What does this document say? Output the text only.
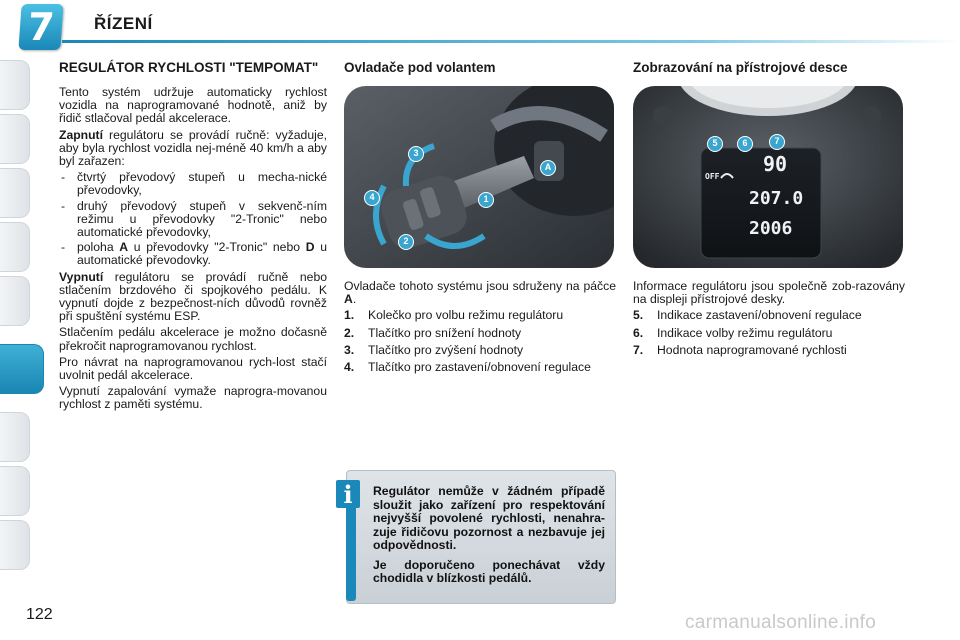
7	ŘÍZENÍ
REGULÁTOR RYCHLOSTI "TEMPOMAT"

Tento systém udržuje automaticky rychlost vozidla na naprogramované hodnotě, aniž by řidič stlačoval pedál akcelerace.

Zapnutí regulátoru se provádí ručně: vyžaduje, aby byla rychlost vozidla nej-méně 40 km/h a aby byl zařazen:

- čtvrtý převodový stupeň u mecha-nické převodovky,
- druhý převodový stupeň v sekvenč-ním režimu u převodovky "2-Tronic" nebo automatické převodovky,
- poloha A u převodovky "2-Tronic" nebo D u automatické převodovky.

Vypnutí regulátoru se provádí ručně nebo stlačením brzdového či spojkového pedálu. K vypnutí dojde z bezpečnost-ních důvodů rovněž při spuštění systému ESP.

Stlačením pedálu akcelerace je možno dočasně překročit naprogramovanou rychlost.

Pro návrat na naprogramovanou rych-lost stačí uvolnit pedál akcelerace.

Vypnutí zapalování vymaže naprogra-movanou rychlost z paměti systému.

Ovladače pod volantem
1
2
3
4
A

Ovladače tohoto systému jsou sdruženy na páčce A.

1.	Kolečko pro volbu režimu regulátoru
2.	Tlačítko pro snížení hodnoty
3.	Tlačítko pro zvýšení hodnoty
4.	Tlačítko pro zastavení/obnovení regulace
Zobrazování na přístrojové desce
OFF
90
207.0
2006
5	6	7

Informace regulátoru jsou společně zob-razovány na displeji přístrojové desky.

5.	Indikace zastavení/obnovení regulace
6.	Indikace volby režimu regulátoru
7.	Hodnota naprogramované rychlosti

Regulátor nemůže v žádném případě sloužit jako zařízení pro respektování nejvyšší povolené rychlosti, nenahra-zuje řidičovu pozornost a nezbavuje jej odpovědnosti.

Je doporučeno ponechávat vždy chodidla v blízkosti pedálů.

i
122	carmanualsonline.info
